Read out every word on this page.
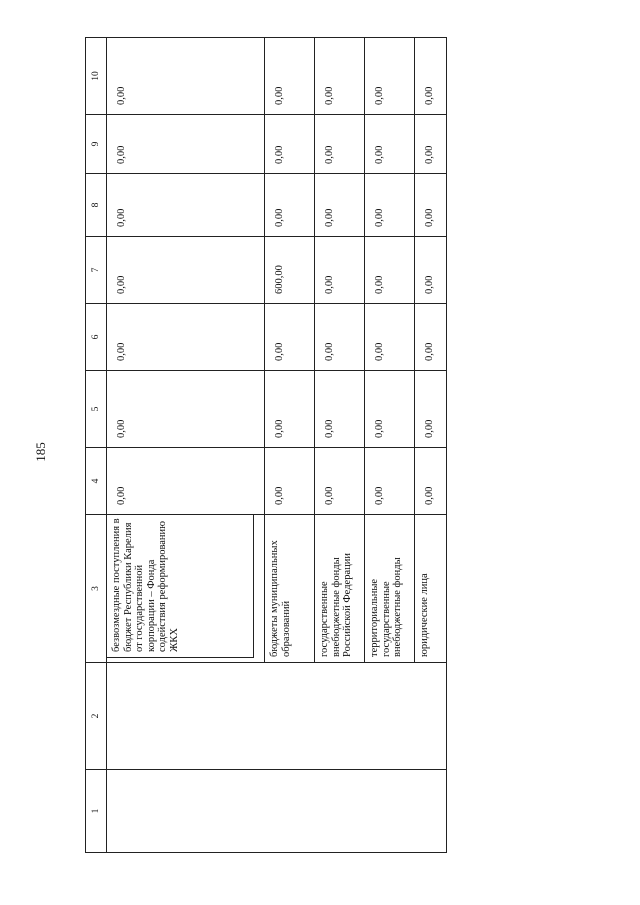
185
1	2	3	4	5	6	7	8	9	10

		безвозмездные поступления в бюджет Республики Карелия от государственной корпорации – Фонда содействия реформированию ЖКХ	0,00	0,00	0,00	0,00	0,00	0,00	0,00
		бюджеты муниципальных образований	0,00	0,00	0,00	600,00	0,00	0,00	0,00
		государственные внебюджетные фонды Российской Федерации	0,00	0,00	0,00	0,00	0,00	0,00	0,00
		территориальные государственные внебюджетные фонды	0,00	0,00	0,00	0,00	0,00	0,00	0,00
		юридические лица	0,00	0,00	0,00	0,00	0,00	0,00	0,00
